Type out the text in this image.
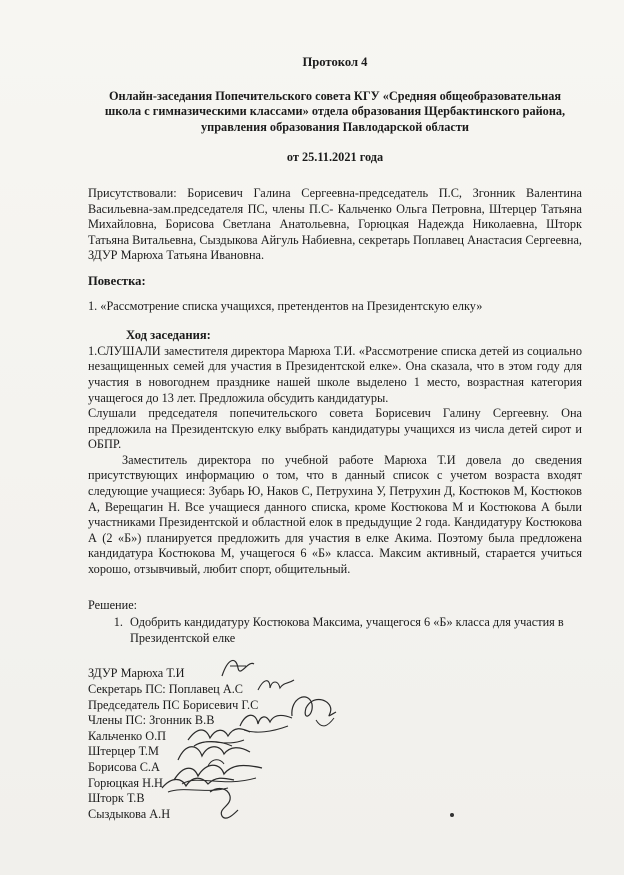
Протокол 4
Онлайн-заседания Попечительского совета КГУ «Средняя общеобразовательная
школа с гимназическими классами» отдела образования Щербактинского района,
управления образования Павлодарской области
от 25.11.2021 года

Присутствовали: Борисевич Галина Сергеевна-председатель П.С, Згонник Валентина Васильевна-зам.председателя ПС, члены П.С- Кальченко Ольга Петровна, Штерцер Татьяна Михайловна, Борисова Светлана Анатольевна, Горюцкая Надежда Николаевна, Шторк Татьяна Витальевна, Сыздыкова Айгуль Набиевна, секретарь Поплавец Анастасия Сергеевна, ЗДУР Марюха Татьяна Ивановна.

Повестка:

1. «Рассмотрение списка учащихся, претендентов на Президентскую елку»

Ход заседания:

1.СЛУШАЛИ заместителя директора Марюха Т.И. «Рассмотрение списка детей из социально незащищенных семей для участия в Президентской елке». Она сказала, что в этом году для участия в новогоднем празднике нашей школе выделено 1 место, возрастная категория учащегося до 13 лет. Предложила обсудить кандидатуры.

Слушали председателя попечительского совета Борисевич Галину Сергеевну. Она предложила на Президентскую елку выбрать кандидатуры учащихся из числа детей сирот и ОБПР.

Заместитель директора по учебной работе Марюха Т.И довела до сведения присутствующих информацию о том, что в данный список с учетом возраста входят следующие учащиеся: Зубарь Ю, Наков С, Петрухина У, Петрухин Д, Костюков М, Костюков А, Верещагин Н. Все учащиеся данного списка, кроме Костюкова М и Костюкова А были участниками Президентской и областной елок в предыдущие 2 года. Кандидатуру Костюкова А (2 «Б») планируется предложить для участия в елке Акима. Поэтому была предложена кандидатура Костюкова М, учащегося 6 «Б» класса. Максим активный, старается учиться хорошо, отзывчивый, любит спорт, общительный.

Решение:
1. Одобрить кандидатуру Костюкова Максима, учащегося 6 «Б» класса для участия в Президентской елке
ЗДУР Марюха Т.И
Секретарь ПС: Поплавец А.С
Председатель ПС Борисевич Г.С
Члены ПС: Згонник В.В
Кальченко О.П
Штерцер Т.М
Борисова С.А
Горюцкая Н.Н
Шторк Т.В
Сыздыкова А.Н
